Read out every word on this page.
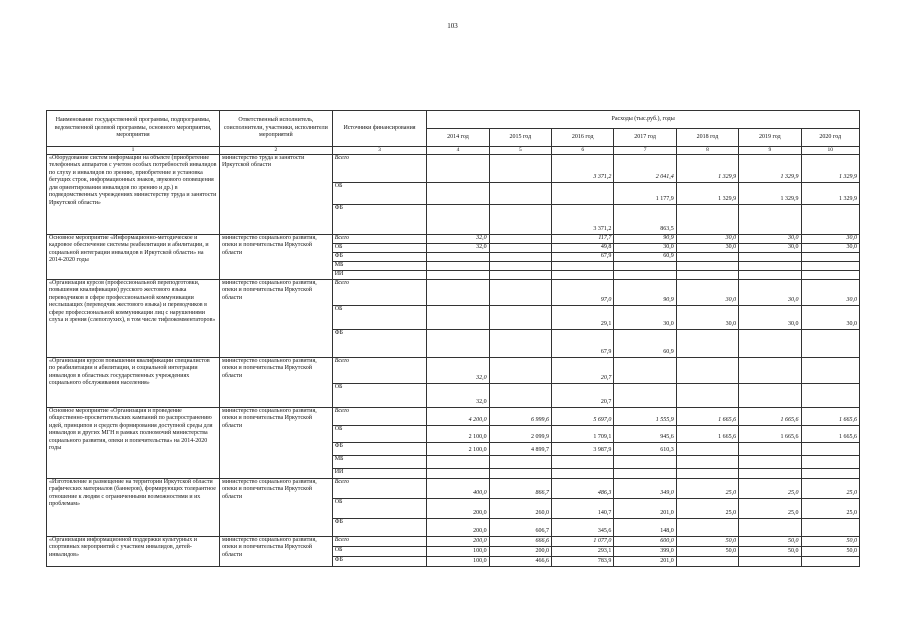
103
Наименование государственной программы, подпрограммы, ведомственной целевой программы, основного мероприятия, мероприятия	Ответственный исполнитель, соисполнители, участники, исполнители мероприятий	Источники финансирования	Расходы (тыс.руб.), годы						
			2014 год	2015 год	2016 год	2017 год	2018 год	2019 год	2020 год
1	2	3	4	5	6	7	8	9	10
«Оборудование систем информации на объекте (приобретение телефонных аппаратов с учетом особых потребностей инвалидов по слуху и инвалидов по зрению, приобретение и установка бегущих строк, информационных знаков, звукового оповещения для ориентирования инвалидов по зрению и др.) в подведомственных учреждениях министерству труда и занятости Иркутской области»	министерство труда и занятости Иркутской области	Всего			3 371,2	2 041,4	1 329,9	1 329,9	1 329,9
		ОБ				1 177,9	1 329,9	1 329,9	1 329,9
		ФБ			3 371,2	863,5			
Основное мероприятие «Информационно-методическое и кадровое обеспечение системы реабилитации и абилитации, и социальной интеграции инвалидов в Иркутской области» на 2014-2020 годы	министерство социального развития, опеки и попечительства Иркутской области	Всего	32,0		117,7	90,9	30,0	30,0	30,0
		ОБ	32,0		49,8	30,0	30,0	30,0	30,0
		ФБ			67,9	60,9			
		МБ							
		ИИ							
«Организация курсов (профессиональной переподготовки, повышения квалификации) русского жестового языка переводчиков в сфере профессиональной коммуникации неслышащих (переводчик жестового языка) и переводчиков в сфере профессиональной коммуникации лиц с нарушениями слуха и зрения (слепоглухих), в том числе тифлокомментаторов»	министерство социального развития, опеки и попечительства Иркутской области	Всего			97,0	90,9	30,0	30,0	30,0
		ОБ			29,1	30,0	30,0	30,0	30,0
		ФБ			67,9	60,9			
«Организация курсов повышения квалификации специалистов по реабилитации и абилитации, и социальной интеграции инвалидов в областных государственных учреждениях социального обслуживания населения»	министерство социального развития, опеки и попечительства Иркутской области	Всего	32,0		20,7				
		ОБ	32,0		20,7				
Основное мероприятие «Организация и проведение общественно-просветительских кампаний по распространению идей, принципов и средств формирования доступной среды для инвалидов и других МГН в рамках полномочий министерства социального развития, опеки и попечительства» на 2014-2020 годы	министерство социального развития, опеки и попечительства Иркутской области	Всего	4 200,0	6 999,6	5 697,0	1 555,9	1 665,6	1 665,6	1 665,6
		ОБ	2 100,0	2 099,9	1 709,1	945,6	1 665,6	1 665,6	1 665,6
		ФБ	2 100,0	4 899,7	3 987,9	610,3			
		МБ							
		ИИ							
«Изготовление и размещение на территории Иркутской области графических материалов (баннеров), формирующих толерантное отношение к людям с ограниченными возможностями и их проблемам»	министерство социального развития, опеки и попечительства Иркутской области	Всего	400,0	866,7	486,3	349,0	25,0	25,0	25,0
		ОБ	200,0	260,0	140,7	201,0	25,0	25,0	25,0
		ФБ	200,0	606,7	345,6	148,0			
«Организация информационной поддержки культурных и спортивных мероприятий с участием инвалидов, детей-инвалидов»	министерство социального развития, опеки и попечительства Иркутской области	Всего	200,0	666,6	1 077,0	600,0	50,0	50,0	50,0
		ОБ	100,0	200,0	293,1	399,0	50,0	50,0	50,0
		ФБ	100,0	466,6	783,9	201,0			
